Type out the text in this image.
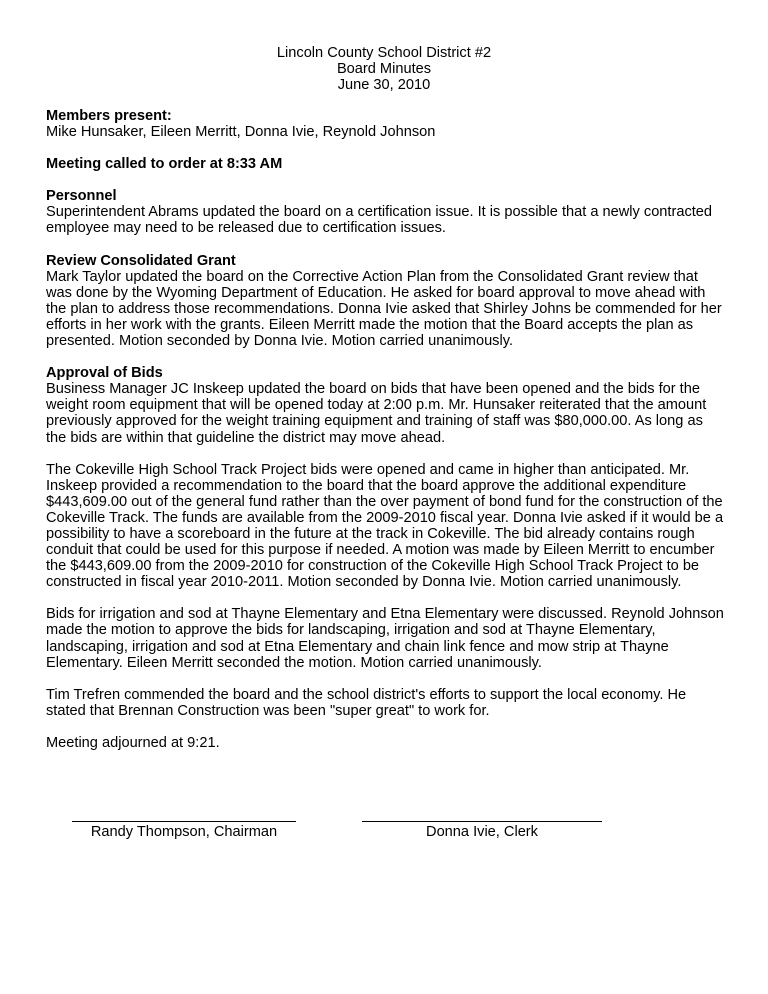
Lincoln County School District #2
Board Minutes
June 30, 2010
Members present:
Mike Hunsaker, Eileen Merritt, Donna Ivie, Reynold Johnson
Meeting called to order at 8:33 AM
Personnel
Superintendent Abrams updated the board on a certification issue. It is possible that a newly contracted employee may need to be released due to certification issues.
Review Consolidated Grant
Mark Taylor updated the board on the Corrective Action Plan from the Consolidated Grant review that was done by the Wyoming Department of Education. He asked for board approval to move ahead with the plan to address those recommendations. Donna Ivie asked that Shirley Johns be commended for her efforts in her work with the grants. Eileen Merritt made the motion that the Board accepts the plan as presented. Motion seconded by Donna Ivie. Motion carried unanimously.
Approval of Bids
Business Manager JC Inskeep updated the board on bids that have been opened and the bids for the weight room equipment that will be opened today at 2:00 p.m. Mr. Hunsaker reiterated that the amount previously approved for the weight training equipment and training of staff was $80,000.00. As long as the bids are within that guideline the district may move ahead.

The Cokeville High School Track Project bids were opened and came in higher than anticipated. Mr. Inskeep provided a recommendation to the board that the board approve the additional expenditure $443,609.00 out of the general fund rather than the over payment of bond fund for the construction of the Cokeville Track. The funds are available from the 2009-2010 fiscal year. Donna Ivie asked if it would be a possibility to have a scoreboard in the future at the track in Cokeville. The bid already contains rough conduit that could be used for this purpose if needed. A motion was made by Eileen Merritt to encumber the $443,609.00 from the 2009-2010 for construction of the Cokeville High School Track Project to be constructed in fiscal year 2010-2011. Motion seconded by Donna Ivie. Motion carried unanimously.

Bids for irrigation and sod at Thayne Elementary and Etna Elementary were discussed. Reynold Johnson made the motion to approve the bids for landscaping, irrigation and sod at Thayne Elementary, landscaping, irrigation and sod at Etna Elementary and chain link fence and mow strip at Thayne Elementary. Eileen Merritt seconded the motion. Motion carried unanimously.

Tim Trefren commended the board and the school district's efforts to support the local economy. He stated that Brennan Construction was been "super great" to work for.

Meeting adjourned at 9:21.

Randy Thompson, Chairman	Donna Ivie, Clerk
